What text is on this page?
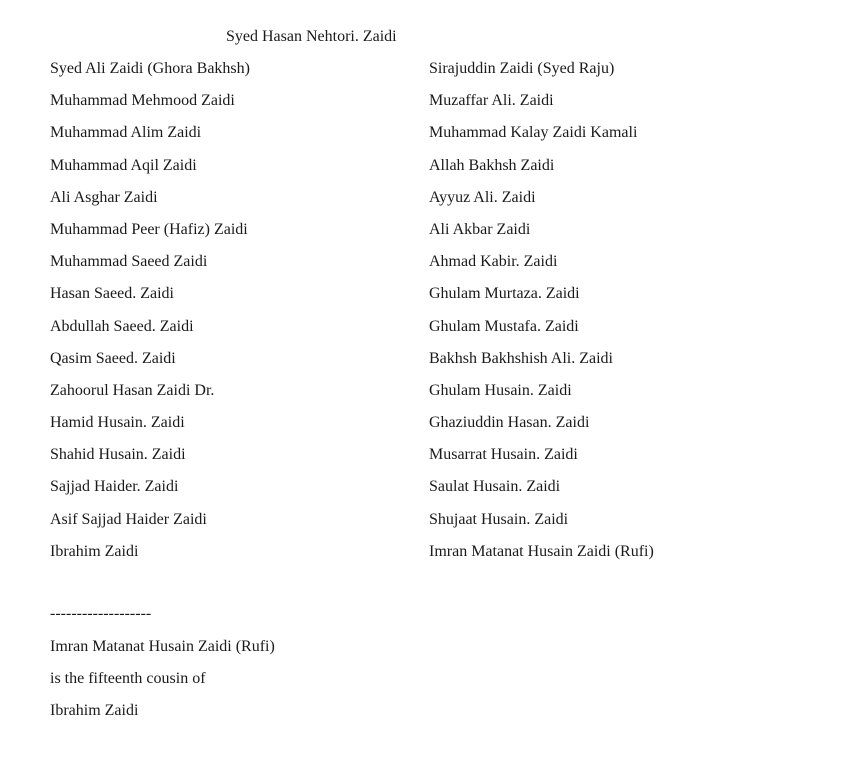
Syed Hasan Nehtori. Zaidi
Syed Ali Zaidi (Ghora Bakhsh)
Muhammad Mehmood Zaidi
Muhammad Alim Zaidi
Muhammad Aqil Zaidi
Ali Asghar Zaidi
Muhammad Peer (Hafiz) Zaidi
Muhammad Saeed Zaidi
Hasan Saeed. Zaidi
Abdullah Saeed. Zaidi
Qasim Saeed. Zaidi
Zahoorul Hasan Zaidi Dr.
Hamid Husain. Zaidi
Shahid Husain. Zaidi
Sajjad Haider. Zaidi
Asif Sajjad Haider Zaidi
Ibrahim Zaidi
Sirajuddin Zaidi (Syed Raju)
Muzaffar Ali. Zaidi
Muhammad Kalay Zaidi Kamali
Allah Bakhsh Zaidi
Ayyuz Ali. Zaidi
Ali Akbar Zaidi
Ahmad Kabir. Zaidi
Ghulam Murtaza. Zaidi
Ghulam Mustafa. Zaidi
Bakhsh Bakhshish Ali. Zaidi
Ghulam Husain. Zaidi
Ghaziuddin Hasan. Zaidi
Musarrat Husain. Zaidi
Saulat Husain. Zaidi
Shujaat Husain. Zaidi
Imran Matanat Husain Zaidi (Rufi)
-------------------
Imran Matanat Husain Zaidi (Rufi)
is the fifteenth cousin of
Ibrahim Zaidi
